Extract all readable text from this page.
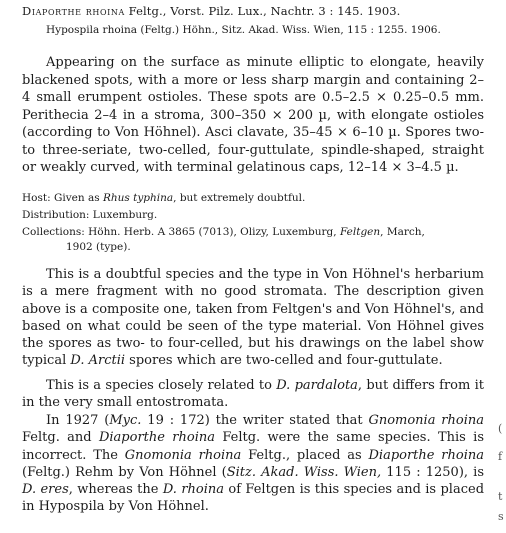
Diaporthe rhoina Feltg., Vorst. Pilz. Lux., Nachtr. 3 : 145. 1903.
Hypospila rhoina (Feltg.) Höhn., Sitz. Akad. Wiss. Wien, 115 : 1255. 1906.
Appearing on the surface as minute elliptic to elongate, heavily blackened spots, with a more or less sharp margin and containing 2–4 small erumpent ostioles. These spots are 0.5–2.5 × 0.25–0.5 mm. Perithecia 2–4 in a stroma, 300–350 × 200 µ, with elongate ostioles (according to Von Höhnel). Asci clavate, 35–45 × 6–10 µ. Spores two- to three-seriate, two-celled, four-guttulate, spindle-shaped, straight or weakly curved, with terminal gelatinous caps, 12–14 × 3–4.5 µ.
Host: Given as Rhus typhina, but extremely doubtful.
Distribution: Luxemburg.
Collections: Höhn. Herb. A 3865 (7013), Olizy, Luxemburg, Feltgen, March,
1902 (type).

This is a doubtful species and the type in Von Höhnel's herbarium is a mere fragment with no good stromata. The description given above is a composite one, taken from Feltgen's and Von Höhnel's, and based on what could be seen of the type material. Von Höhnel gives the spores as two- to four-celled, but his drawings on the label show typical D. Arctii spores which are two-celled and four-guttulate.

This is a species closely related to D. pardalota, but differs from it in the very small entostromata.

In 1927 (Myc. 19 : 172) the writer stated that Gnomonia rhoina Feltg. and Diaporthe rhoina Feltg. were the same species. This is incorrect. The Gnomonia rhoina Feltg., placed as Diaporthe rhoina (Feltg.) Rehm by Von Höhnel (Sitz. Akad. Wiss. Wien, 115 : 1250), is D. eres, whereas the D. rhoina of Feltgen is this species and is placed in Hypospila by Von Höhnel.

(
f
t
s
